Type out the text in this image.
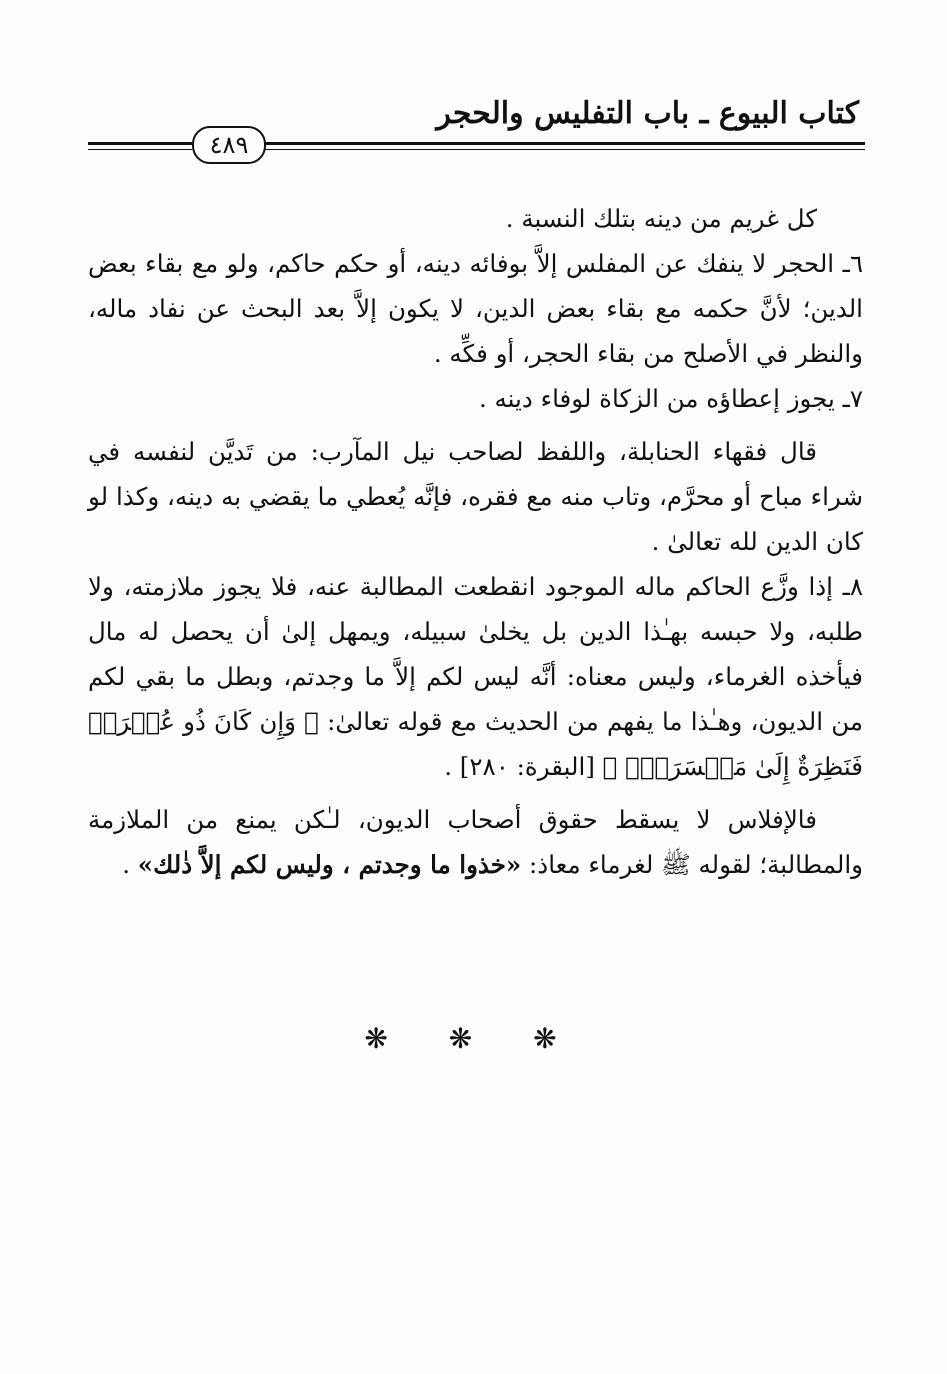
كتاب البيوع ـ باب التفليس والحجر
٤٨٩

كل غريم من دينه بتلك النسبة .

٦ـ الحجر لا ينفك عن المفلس إلاَّ بوفائه دينه، أو حكم حاكم، ولو مع بقاء بعض الدين؛ لأنَّ حكمه مع بقاء بعض الدين، لا يكون إلاَّ بعد البحث عن نفاد ماله، والنظر في الأصلح من بقاء الحجر، أو فكِّه .

٧ـ يجوز إعطاؤه من الزكاة لوفاء دينه .

قال فقهاء الحنابلة، واللفظ لصاحب نيل المآرب: من تَديَّن لنفسه في شراء مباح أو محرَّم، وتاب منه مع فقره، فإنَّه يُعطي ما يقضي به دينه، وكذا لو كان الدين لله تعالىٰ .

٨ـ إذا وزَّع الحاكم ماله الموجود انقطعت المطالبة عنه، فلا يجوز ملازمته، ولا طلبه، ولا حبسه بهـٰذا الدين بل يخلىٰ سبيله، ويمهل إلىٰ أن يحصل له مال فيأخذه الغرماء، وليس معناه: أنَّه ليس لكم إلاَّ ما وجدتم، وبطل ما بقي لكم من الديون، وهـٰذا ما يفهم من الحديث مع قوله تعالىٰ: ﴿ وَإِن كَانَ ذُو عُسۡرَةٖ فَنَظِرَةٌ إِلَىٰ مَيۡسَرَةٖۚ ﴾ [البقرة: ٢٨٠] .

فالإفلاس لا يسقط حقوق أصحاب الديون، لـٰكن يمنع من الملازمة والمطالبة؛ لقوله ﷺ لغرماء معاذ: «خذوا ما وجدتم ، وليس لكم إلاَّ ذٰلك» .

❋ ❋ ❋
